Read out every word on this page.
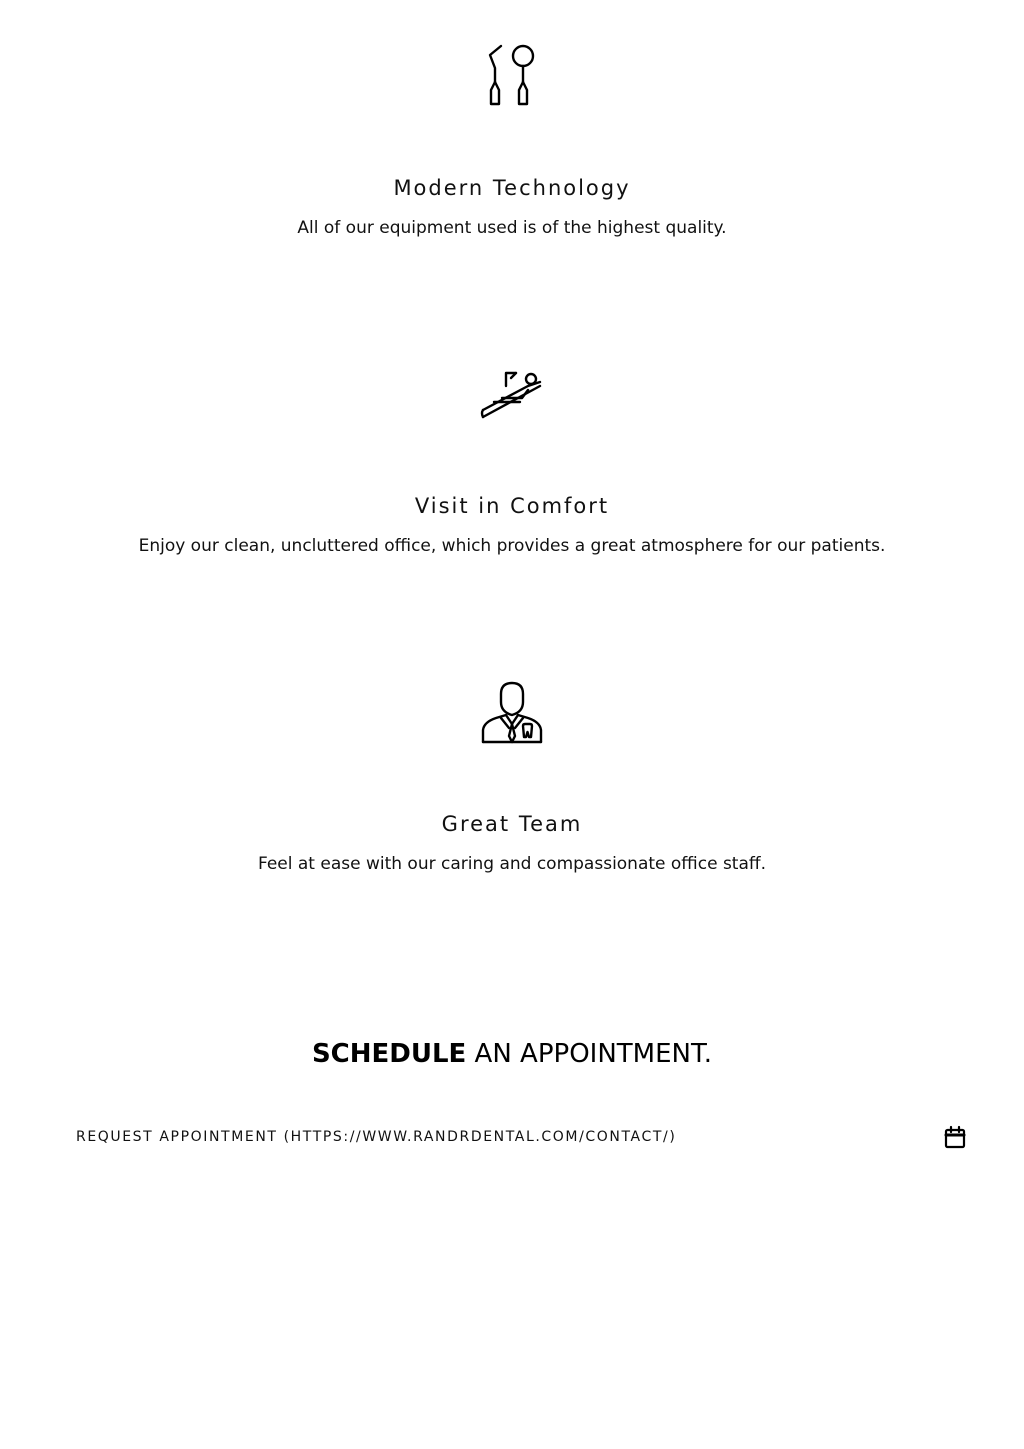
Modern Technology

All of our equipment used is of the highest quality.

Visit in Comfort

Enjoy our clean, uncluttered office, which provides a great atmosphere for our patients.

Great Team

Feel at ease with our caring and compassionate office staff.

SCHEDULE AN APPOINTMENT.
REQUEST APPOINTMENT (HTTPS://WWW.RANDRDENTAL.COM/CONTACT/)
